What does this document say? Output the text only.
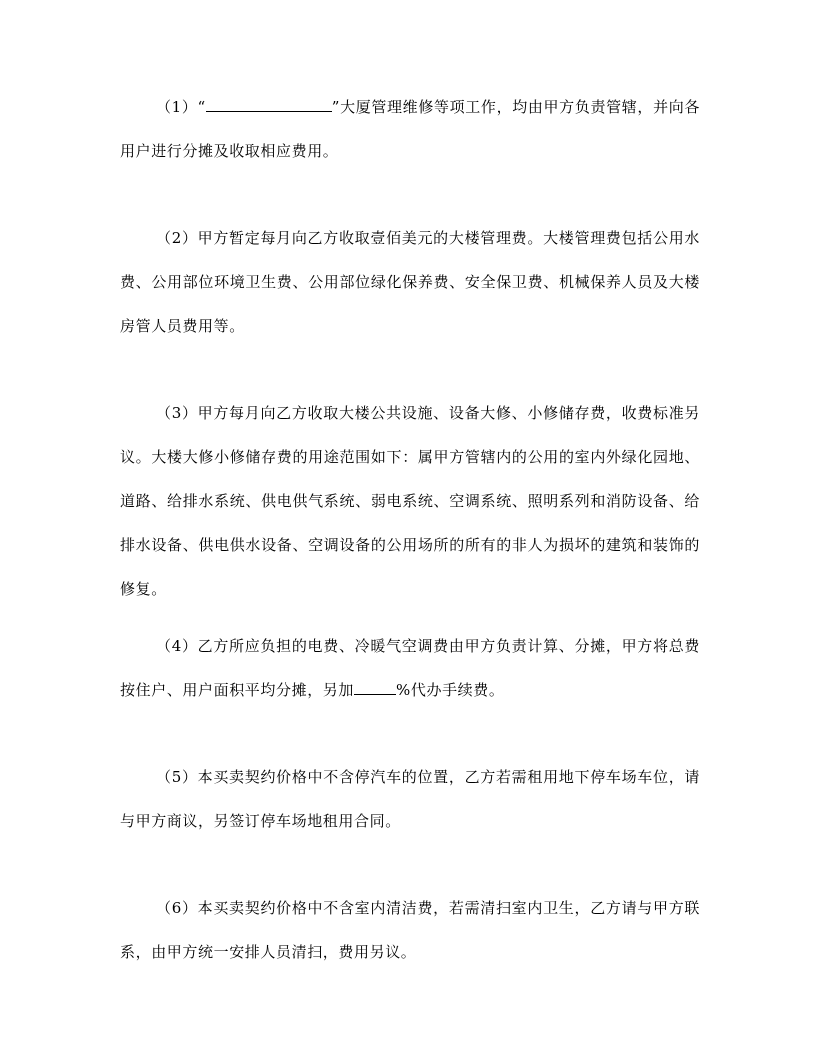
（1）“	”大厦管理维修等项工作，均由甲方负责管辖，并向各用户进行分摊及收取相应费用。

（2）甲方暂定每月向乙方收取壹佰美元的大楼管理费。大楼管理费包括公用水费、公用部位环境卫生费、公用部位绿化保养费、安全保卫费、机械保养人员及大楼房管人员费用等。

（3）甲方每月向乙方收取大楼公共设施、设备大修、小修储存费，收费标准另议。大楼大修小修储存费的用途范围如下：属甲方管辖内的公用的室内外绿化园地、道路、给排水系统、供电供气系统、弱电系统、空调系统、照明系列和消防设备、给排水设备、供电供水设备、空调设备的公用场所的所有的非人为损坏的建筑和装饰的修复。

（4）乙方所应负担的电费、冷暖气空调费由甲方负责计算、分摊，甲方将总费按住户、用户面积平均分摊，另加	%代办手续费。

（5）本买卖契约价格中不含停汽车的位置，乙方若需租用地下停车场车位，请与甲方商议，另签订停车场地租用合同。

（6）本买卖契约价格中不含室内清洁费，若需清扫室内卫生，乙方请与甲方联系，由甲方统一安排人员清扫，费用另议。
